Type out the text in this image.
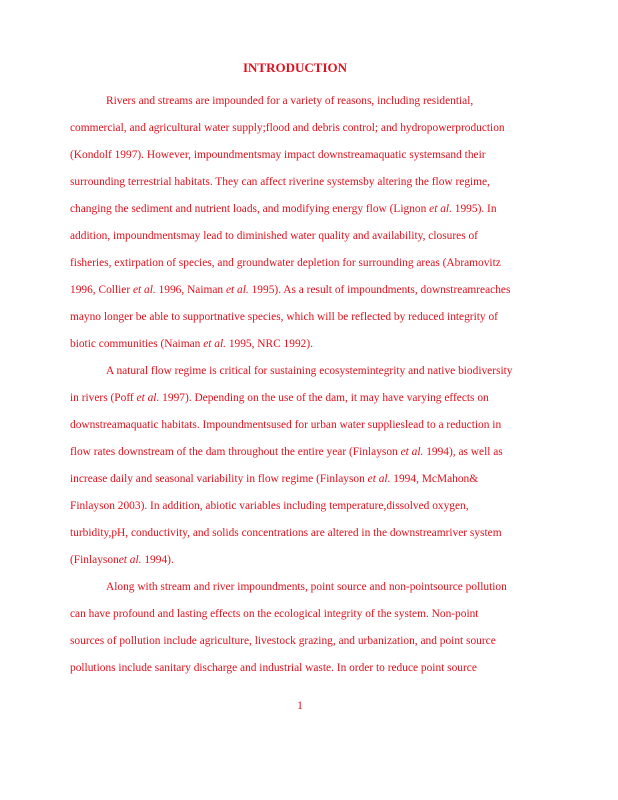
INTRODUCTION
Rivers and streams are impounded for a variety of reasons, including residential,
commercial, and agricultural water supply;flood and debris control; and hydropowerproduction
(Kondolf 1997). However, impoundmentsmay impact downstreamaquatic systemsand their
surrounding terrestrial habitats. They can affect riverine systemsby altering the flow regime,
changing the sediment and nutrient loads, and modifying energy flow (Lignon et al. 1995). In
addition, impoundmentsmay lead to diminished water quality and availability, closures of
fisheries, extirpation of species, and groundwater depletion for surrounding areas (Abramovitz
1996, Collier et al. 1996, Naiman et al. 1995). As a result of impoundments, downstreamreaches
mayno longer be able to supportnative species, which will be reflected by reduced integrity of
biotic communities (Naiman et al. 1995, NRC 1992).
A natural flow regime is critical for sustaining ecosystemintegrity and native biodiversity
in rivers (Poff et al. 1997). Depending on the use of the dam, it may have varying effects on
downstreamaquatic habitats. Impoundmentsused for urban water supplieslead to a reduction in
flow rates downstream of the dam throughout the entire year (Finlayson et al. 1994), as well as
increase daily and seasonal variability in flow regime (Finlayson et al. 1994, McMahon&
Finlayson 2003). In addition, abiotic variables including temperature,dissolved oxygen,
turbidity,pH, conductivity, and solids concentrations are altered in the downstreamriver system
(Finlaysonet al. 1994).
Along with stream and river impoundments, point source and non-pointsource pollution
can have profound and lasting effects on the ecological integrity of the system. Non-point
sources of pollution include agriculture, livestock grazing, and urbanization, and point source
pollutions include sanitary discharge and industrial waste. In order to reduce point source
1
